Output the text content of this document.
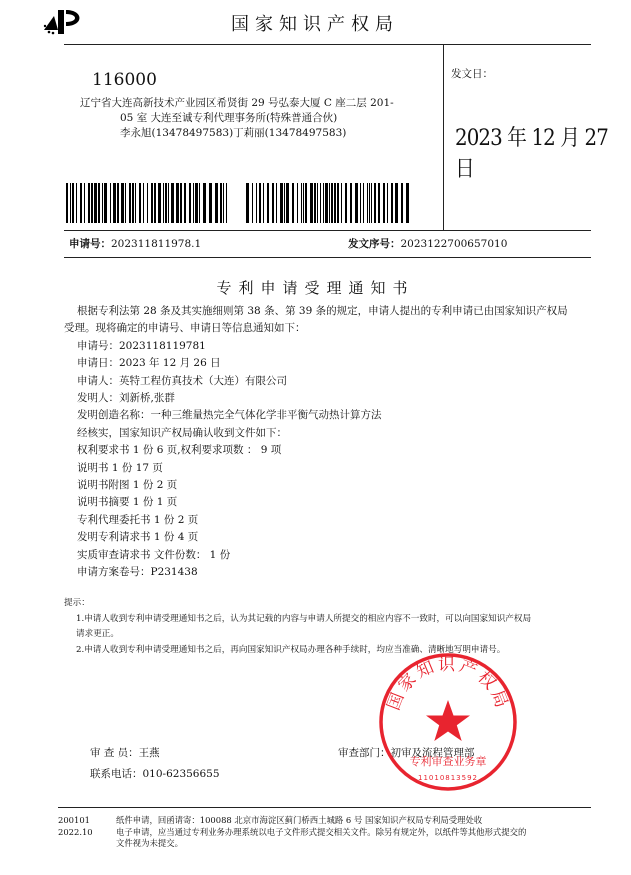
国家知识产权局
116000
辽宁省大连高新技术产业园区希贤街 29 号弘泰大厦 C 座二层 201-
05 室 大连至诚专利代理事务所(特殊普通合伙)
李永旭(13478497583)丁莉丽(13478497583)
发文日：
2023 年 12 月 27 日
申请号：202311811978.1	发文序号：2023122700657010
专利申请受理通知书

根据专利法第 28 条及其实施细则第 38 条、第 39 条的规定，申请人提出的专利申请已由国家知识产权局

受理。现将确定的申请号、申请日等信息通知如下：

申请号：2023118119781

申请日：2023 年 12 月 26 日

申请人：英特工程仿真技术（大连）有限公司

发明人：刘新桥,张群

发明创造名称：一种三维量热完全气体化学非平衡气动热计算方法

经核实，国家知识产权局确认收到文件如下：

权利要求书 1 份 6 页,权利要求项数 ： 9 项

说明书 1 份 17 页

说明书附图 1 份 2 页

说明书摘要 1 份 1 页

专利代理委托书 1 份 2 页

发明专利请求书 1 份 4 页

实质审查请求书 文件份数： 1 份

申请方案卷号：P231438

提示：

1.申请人收到专利申请受理通知书之后，认为其记载的内容与申请人所提交的相应内容不一致时，可以向国家知识产权局

请求更正。

2.申请人收到专利申请受理通知书之后，再向国家知识产权局办理各种手续时，均应当准确、清晰地写明申请号。

审 查 员：王燕
联系电话：010-62356655
审查部门：初审及流程管理部
国家知识产权局
专利审查业务章
11010813592
200101
2022.10
纸件申请，回函请寄：100088 北京市海淀区蓟门桥西土城路 6 号 国家知识产权局专利局受理处收
电子申请，应当通过专利业务办理系统以电子文件形式提交相关文件。除另有规定外，以纸件等其他形式提交的
文件视为未提交。
